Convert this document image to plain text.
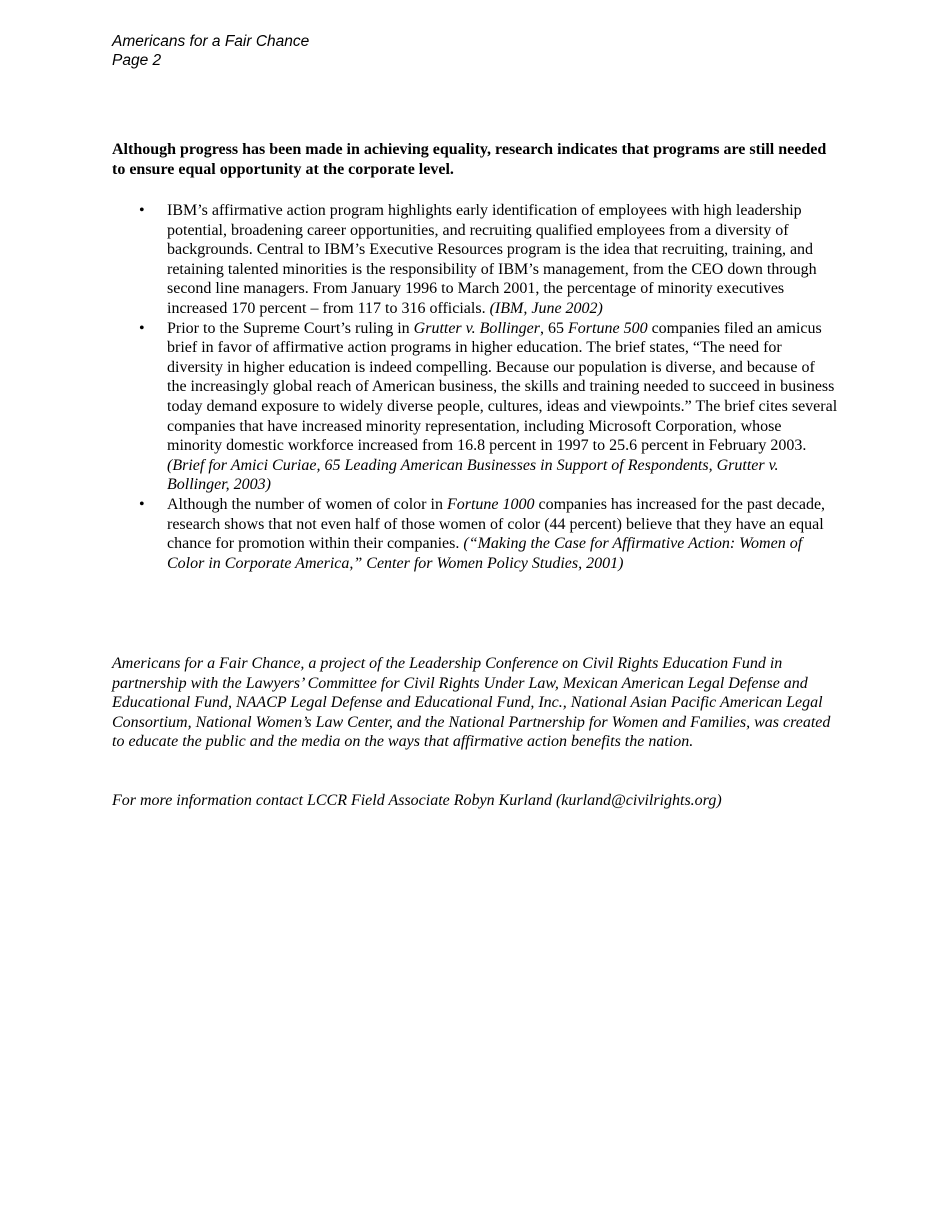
Americans for a Fair Chance
Page 2
Although progress has been made in achieving equality, research indicates that programs are still needed to ensure equal opportunity at the corporate level.
• IBM’s affirmative action program highlights early identification of employees with high leadership potential, broadening career opportunities, and recruiting qualified employees from a diversity of backgrounds. Central to IBM’s Executive Resources program is the idea that recruiting, training, and retaining talented minorities is the responsibility of IBM’s management, from the CEO down through second line managers. From January 1996 to March 2001, the percentage of minority executives increased 170 percent – from 117 to 316 officials. (IBM, June 2002)
• Prior to the Supreme Court’s ruling in Grutter v. Bollinger, 65 Fortune 500 companies filed an amicus brief in favor of affirmative action programs in higher education. The brief states, “The need for diversity in higher education is indeed compelling. Because our population is diverse, and because of the increasingly global reach of American business, the skills and training needed to succeed in business today demand exposure to widely diverse people, cultures, ideas and viewpoints.” The brief cites several companies that have increased minority representation, including Microsoft Corporation, whose minority domestic workforce increased from 16.8 percent in 1997 to 25.6 percent in February 2003. (Brief for Amici Curiae, 65 Leading American Businesses in Support of Respondents, Grutter v. Bollinger, 2003)
• Although the number of women of color in Fortune 1000 companies has increased for the past decade, research shows that not even half of those women of color (44 percent) believe that they have an equal chance for promotion within their companies. (“Making the Case for Affirmative Action: Women of Color in Corporate America,” Center for Women Policy Studies, 2001)
Americans for a Fair Chance, a project of the Leadership Conference on Civil Rights Education Fund in partnership with the Lawyers’ Committee for Civil Rights Under Law, Mexican American Legal Defense and Educational Fund, NAACP Legal Defense and Educational Fund, Inc., National Asian Pacific American Legal Consortium, National Women’s Law Center, and the National Partnership for Women and Families, was created to educate the public and the media on the ways that affirmative action benefits the nation.
For more information contact LCCR Field Associate Robyn Kurland (kurland@civilrights.org)
